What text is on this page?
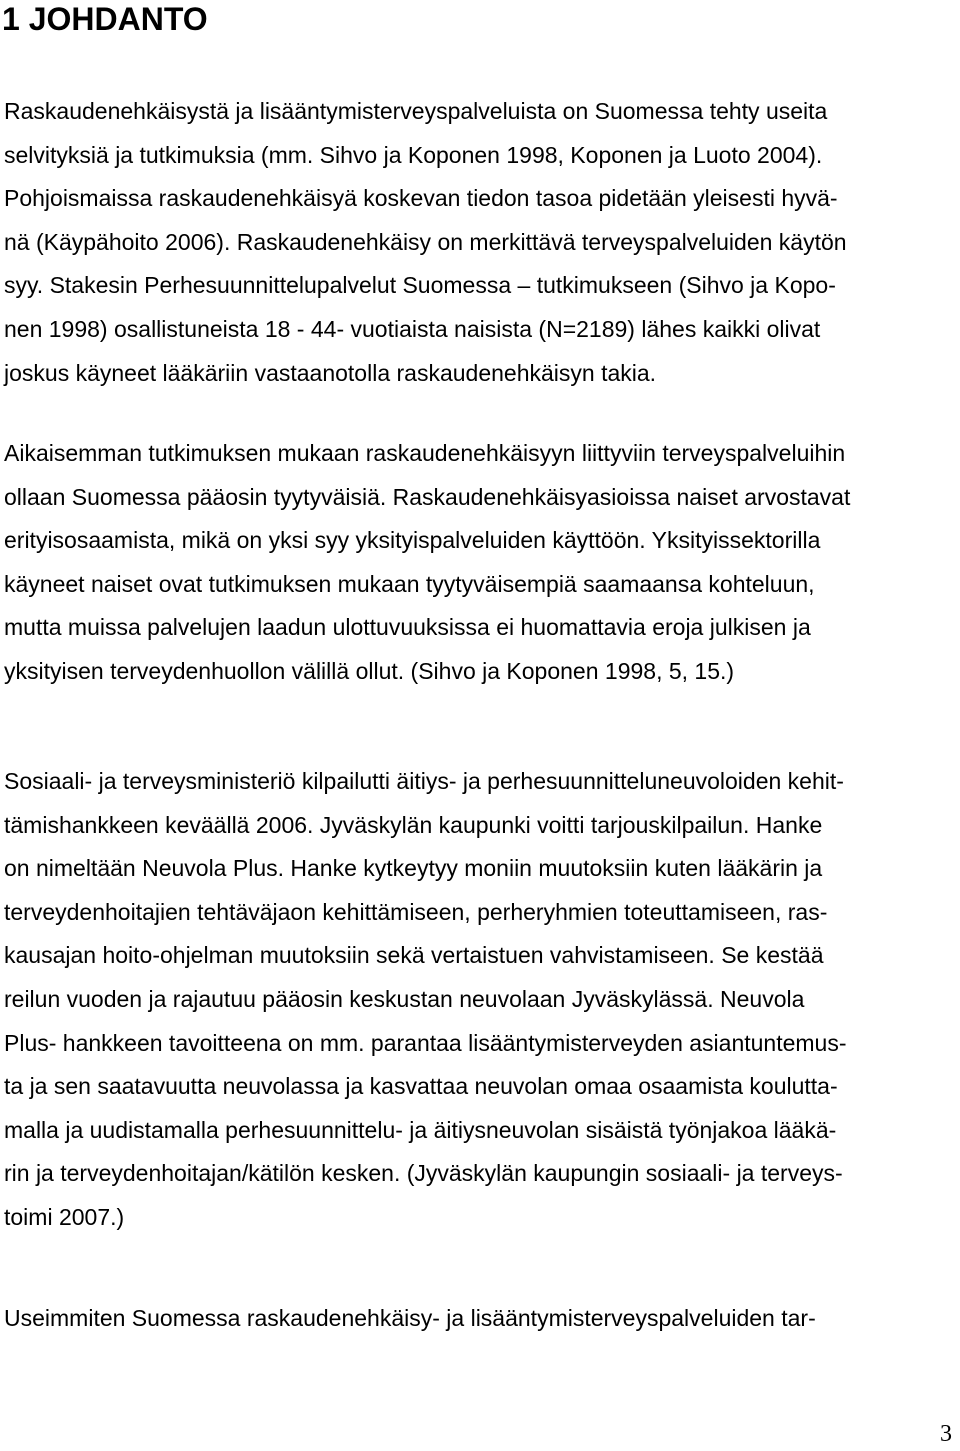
1 JOHDANTO

Raskaudenehkäisystä ja lisääntymisterveyspalveluista on Suomessa tehty useita
selvityksiä ja tutkimuksia (mm. Sihvo ja Koponen 1998, Koponen ja Luoto 2004).
Pohjoismaissa raskaudenehkäisyä koskevan tiedon tasoa pidetään yleisesti hyvä-
nä (Käypähoito 2006). Raskaudenehkäisy on merkittävä terveyspalveluiden käytön
syy. Stakesin Perhesuunnittelupalvelut Suomessa – tutkimukseen (Sihvo ja Kopo-
nen 1998) osallistuneista 18 - 44- vuotiaista naisista (N=2189) lähes kaikki olivat
joskus käyneet lääkäriin vastaanotolla raskaudenehkäisyn takia.

Aikaisemman tutkimuksen mukaan raskaudenehkäisyyn liittyviin terveyspalveluihin
ollaan Suomessa pääosin tyytyväisiä. Raskaudenehkäisyasioissa naiset arvostavat
erityisosaamista, mikä on yksi syy yksityispalveluiden käyttöön. Yksityissektorilla
käyneet naiset ovat tutkimuksen mukaan tyytyväisempiä saamaansa kohteluun,
mutta muissa palvelujen laadun ulottuvuuksissa ei huomattavia eroja julkisen ja
yksityisen terveydenhuollon välillä ollut. (Sihvo ja Koponen 1998, 5, 15.)

Sosiaali- ja terveysministeriö kilpailutti äitiys- ja perhesuunnitteluneuvoloiden kehit-
tämishankkeen keväällä 2006. Jyväskylän kaupunki voitti tarjouskilpailun. Hanke
on nimeltään Neuvola Plus. Hanke kytkeytyy moniin muutoksiin kuten lääkärin ja
terveydenhoitajien tehtäväjaon kehittämiseen, perheryhmien toteuttamiseen, ras-
kausajan hoito-ohjelman muutoksiin sekä vertaistuen vahvistamiseen. Se kestää
reilun vuoden ja rajautuu pääosin keskustan neuvolaan Jyväskylässä. Neuvola
Plus- hankkeen tavoitteena on mm. parantaa lisääntymisterveyden asiantuntemus-
ta ja sen saatavuutta neuvolassa ja kasvattaa neuvolan omaa osaamista kouluttа-
malla ja uudistamalla perhesuunnittelu- ja äitiysneuvolan sisäistä työnjakoa lääkä-
rin ja terveydenhoitajan/kätilön kesken. (Jyväskylän kaupungin sosiaali- ja terveys-
toimi 2007.)

Useimmiten Suomessa raskaudenehkäisy- ja lisääntymisterveyspalveluiden tar-

3
